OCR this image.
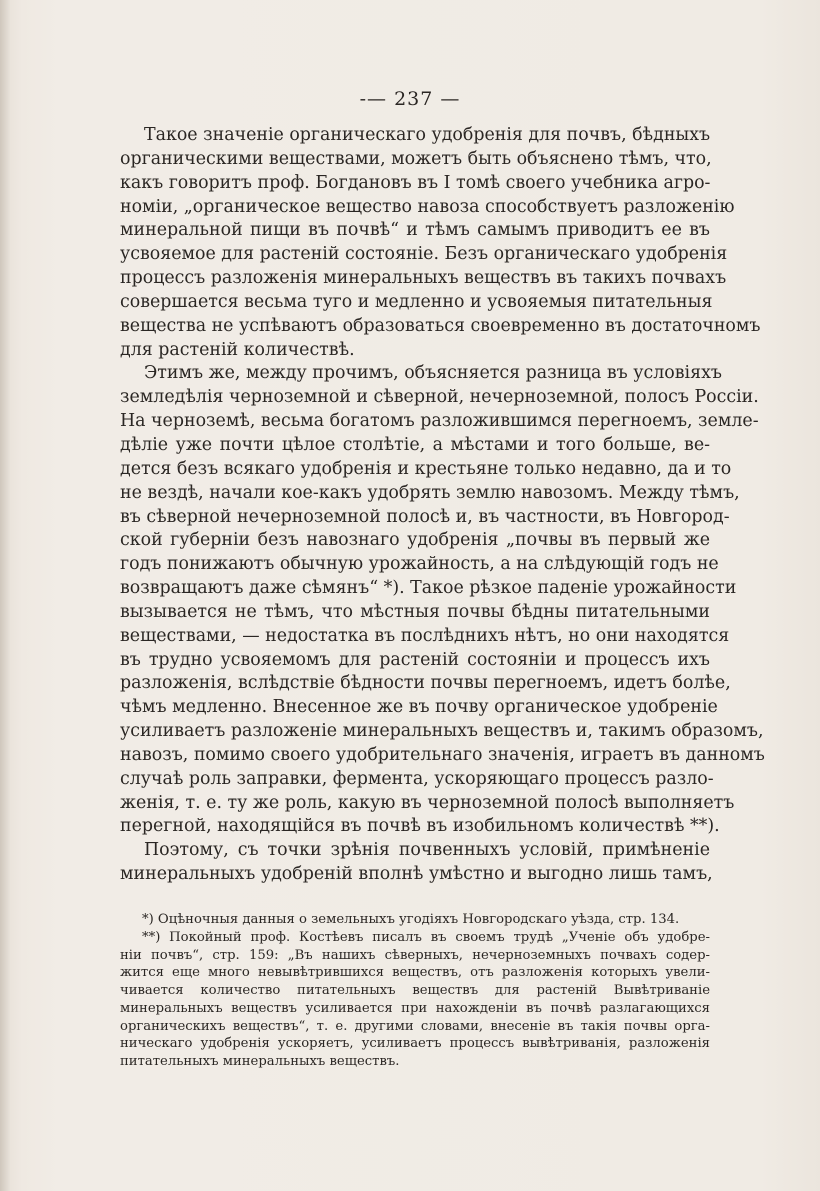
-— 237 —
Такое значеніе органическаго удобренія для почвъ, бѣдныхъ
органическими веществами, можетъ быть объяснено тѣмъ, что,
какъ говоритъ проф. Богдановъ въ I томѣ своего учебника агро-
номіи, „органическое вещество навоза способствуетъ разложенію
минеральной пищи въ почвѣ“ и тѣмъ самымъ приводитъ ее въ
усвояемое для растеній состояніе. Безъ органическаго удобренія
процессъ разложенія минеральныхъ веществъ въ такихъ почвахъ
совершается весьма туго и медленно и усвояемыя питательныя
вещества не успѣваютъ образоваться своевременно въ достаточномъ
для растеній количествѣ.
Этимъ же, между прочимъ, объясняется разница въ условіяхъ
земледѣлія черноземной и сѣверной, нечерноземной, полосъ Россіи.
На черноземѣ, весьма богатомъ разложившимся перегноемъ, земле-
дѣліе уже почти цѣлое столѣтіе, а мѣстами и того больше, ве-
дется безъ всякаго удобренія и крестьяне только недавно, да и то
не вездѣ, начали кое-какъ удобрять землю навозомъ. Между тѣмъ,
въ сѣверной нечерноземной полосѣ и, въ частности, въ Новгород-
ской губерніи безъ навознаго удобренія „почвы въ первый же
годъ понижаютъ обычную урожайность, а на слѣдующій годъ не
возвращаютъ даже сѣмянъ“ *). Такое рѣзкое паденіе урожайности
вызывается не тѣмъ, что мѣстныя почвы бѣдны питательными
веществами, — недостатка въ послѣднихъ нѣтъ, но они находятся
въ трудно усвояемомъ для растеній состояніи и процессъ ихъ
разложенія, вслѣдствіе бѣдности почвы перегноемъ, идетъ болѣе,
чѣмъ медленно. Внесенное же въ почву органическое удобреніе
усиливаетъ разложеніе минеральныхъ веществъ и, такимъ образомъ,
навозъ, помимо своего удобрительнаго значенія, играетъ въ данномъ
случаѣ роль заправки, фермента, ускоряющаго процессъ разло-
женія, т. е. ту же роль, какую въ черноземной полосѣ выполняетъ
перегной, находящійся въ почвѣ въ изобильномъ количествѣ **).
Поэтому, съ точки зрѣнія почвенныхъ условій, примѣненіе
минеральныхъ удобреній вполнѣ умѣстно и выгодно лишь тамъ,
*) Оцѣночныя данныя о земельныхъ угодіяхъ Новгородскаго уѣзда, стр. 134.
**) Покойный проф. Костѣевъ писалъ въ своемъ трудѣ „Ученіе объ удобре-
ніи почвъ“, стр. 159: „Въ нашихъ сѣверныхъ, нечерноземныхъ почвахъ содер-
жится еще много невывѣтрившихся веществъ, отъ разложенія которыхъ увели-
чивается количество питательныхъ веществъ для растеній Вывѣтриваніе
минеральныхъ веществъ усиливается при нахожденіи въ почвѣ разлагающихся
органическихъ веществъ“, т. е. другими словами, внесеніе въ такія почвы орга-
ническаго удобренія ускоряетъ, усиливаетъ процессъ вывѣтриванія, разложенія
питательныхъ минеральныхъ веществъ.
